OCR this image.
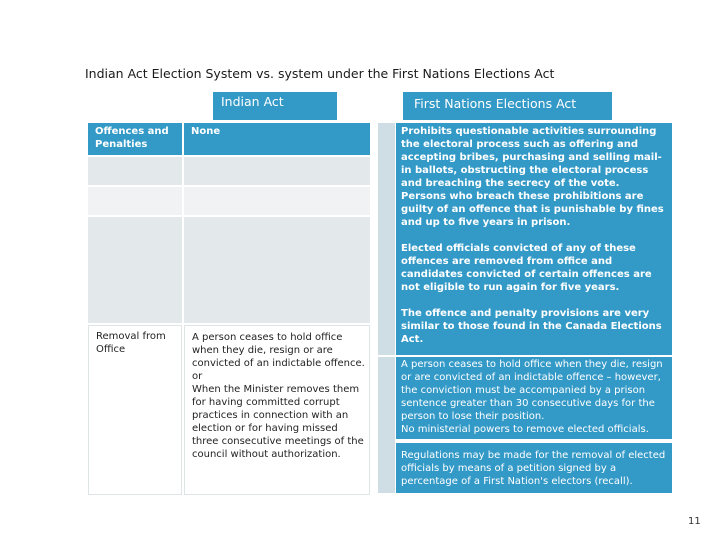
Indian Act Election System vs. system under the First Nations Elections Act
Indian Act	First Nations Elections Act
Offences and Penalties
Removal from Office
None

A person ceases to hold office when they die, resign or are convicted of an indictable offence.

or

When the Minister removes them for having committed corrupt practices in connection with an election or for having missed three consecutive meetings of the council without authorization.

Prohibits questionable activities surrounding the electoral process such as offering and accepting bribes, purchasing and selling mail-in ballots, obstructing the electoral process and breaching the secrecy of the vote.

Persons who breach these prohibitions are guilty of an offence that is punishable by fines and up to five years in prison.

Elected officials convicted of any of these offences are removed from office and candidates convicted of certain offences are not eligible to run again for five years.

The offence and penalty provisions are very similar to those found in the Canada Elections Act.

A person ceases to hold office when they die, resign or are convicted of an indictable offence – however, the conviction must be accompanied by a prison sentence greater than 30 consecutive days for the person to lose their position.

No ministerial powers to remove elected officials.

Regulations may be made for the removal of elected officials by means of a petition signed by a percentage of a First Nation's electors (recall).

11
